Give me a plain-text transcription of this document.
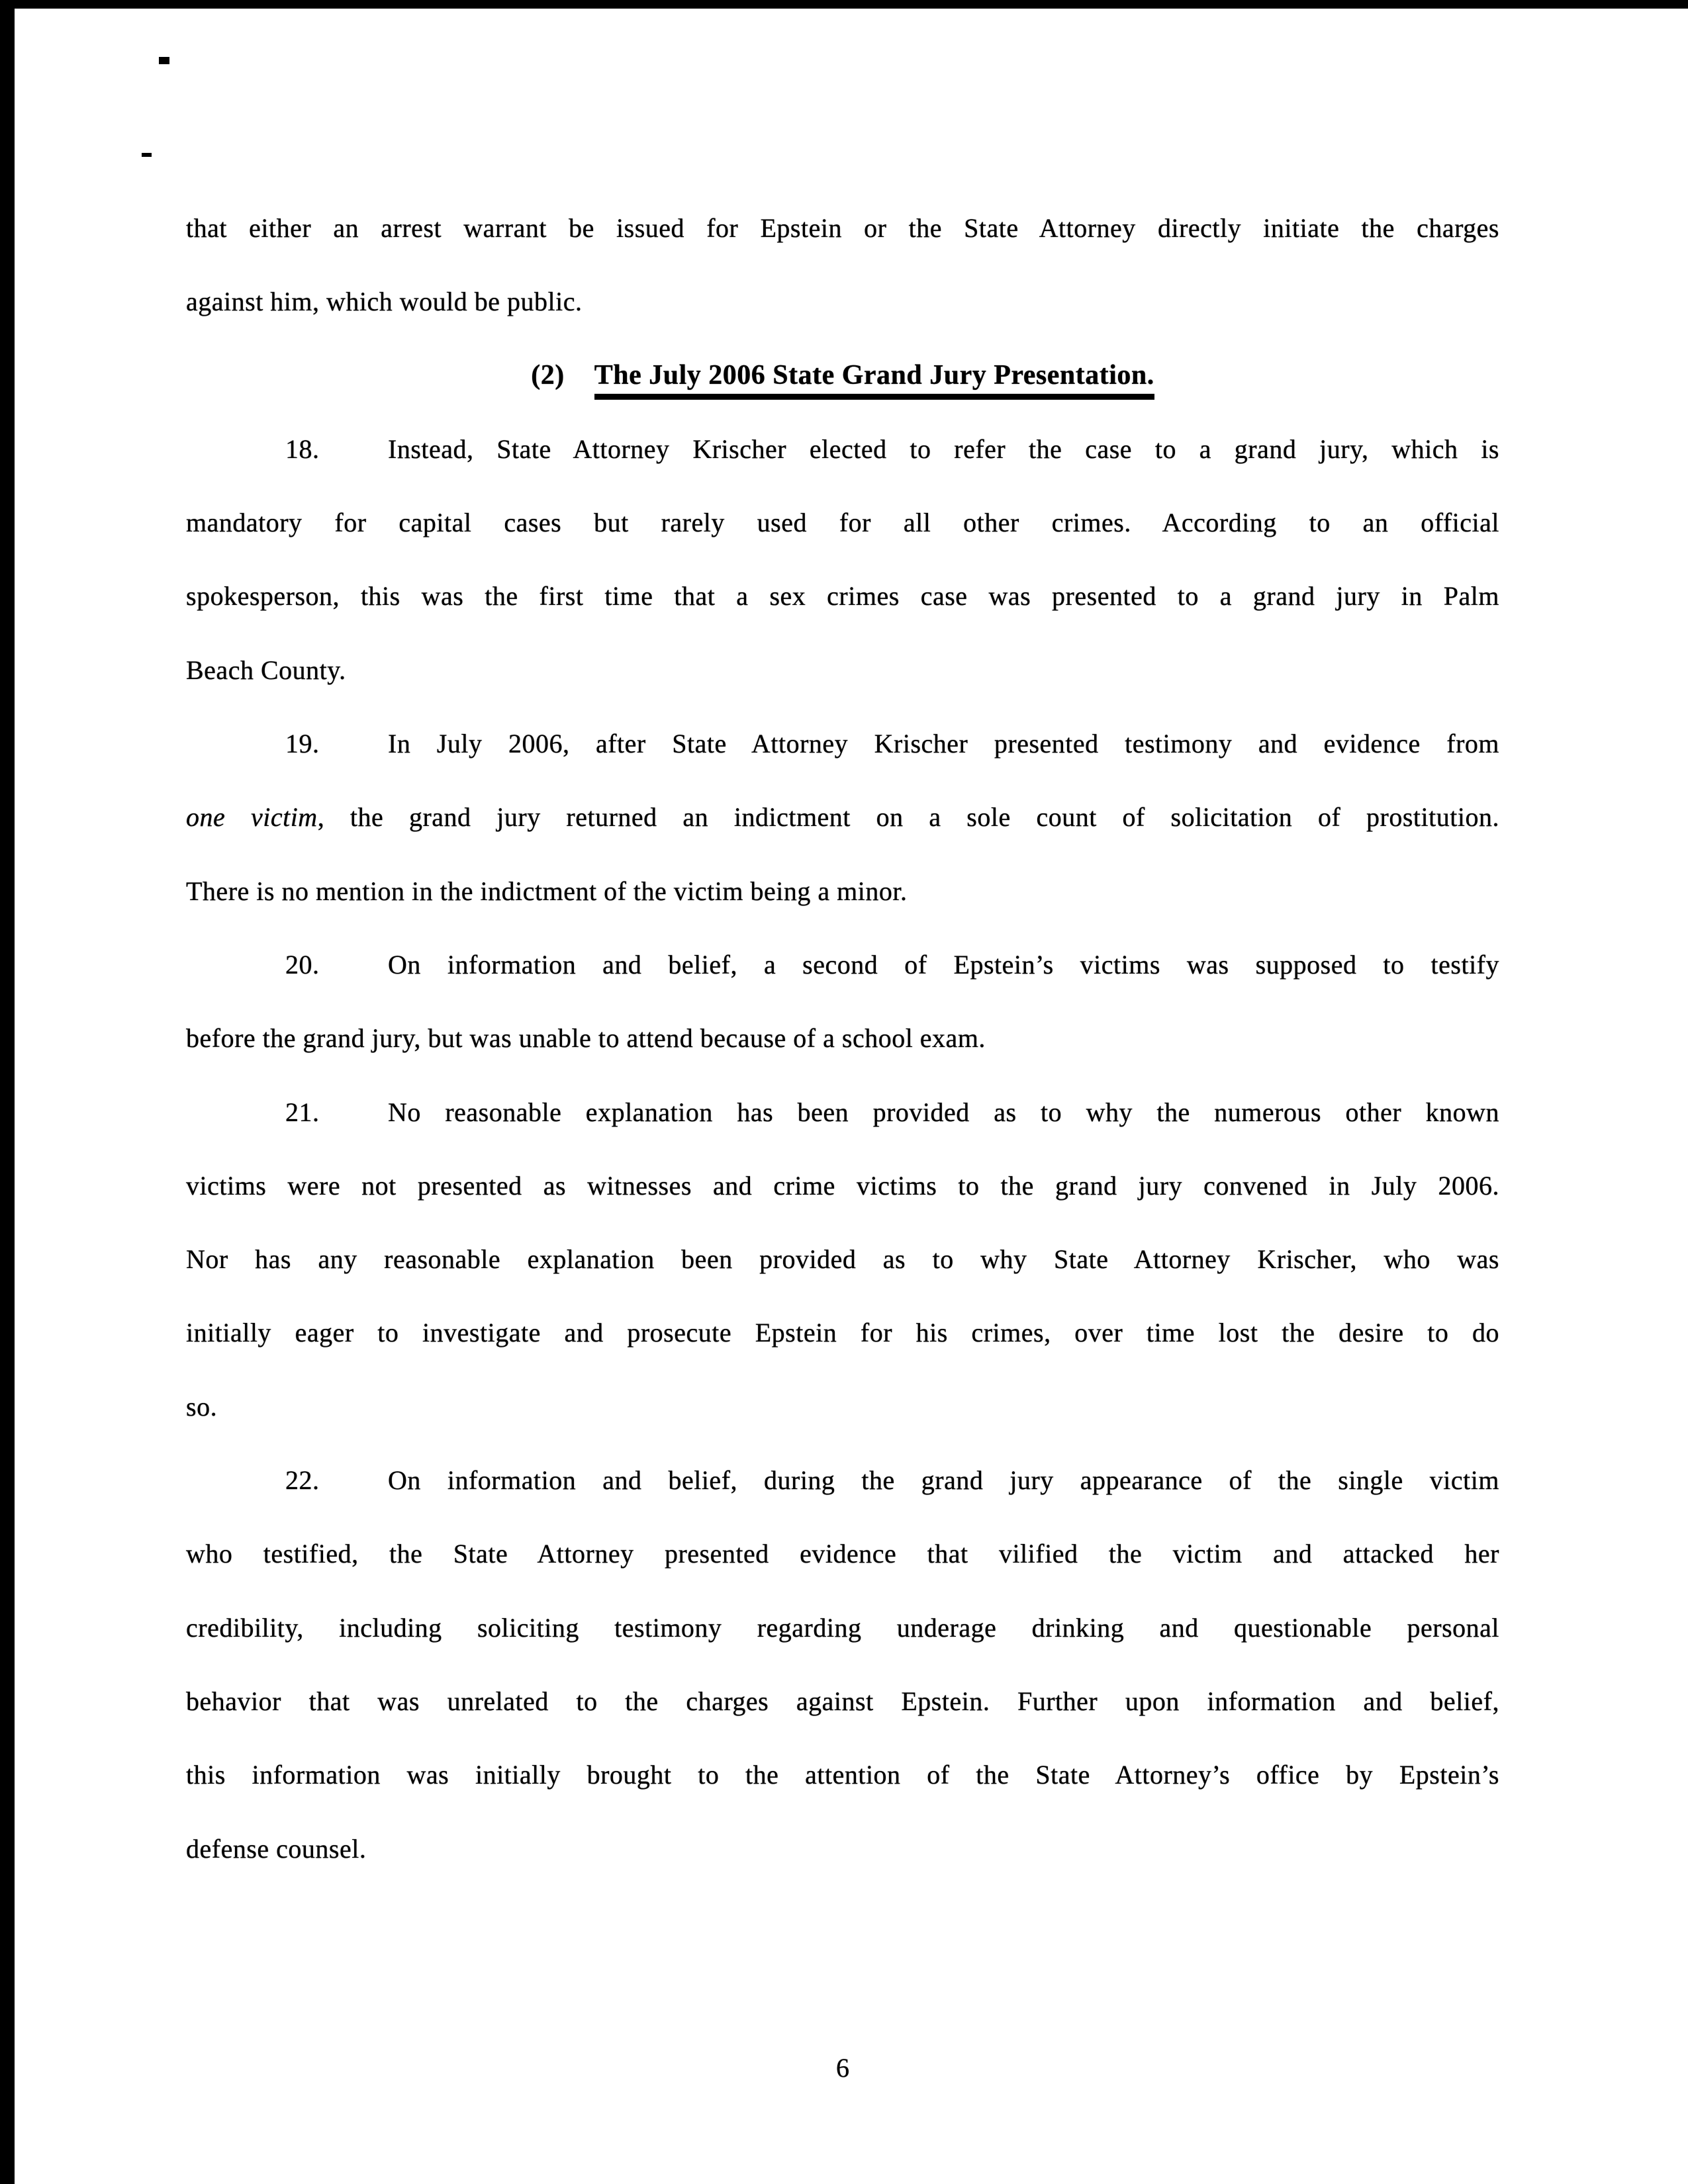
that either an arrest warrant be issued for Epstein or the State Attorney directly initiate the charges
against him, which would be public.
(2) The July 2006 State Grand Jury Presentation.
18.	Instead, State Attorney Krischer elected to refer the case to a grand jury, which is
mandatory for capital cases but rarely used for all other crimes. According to an official
spokesperson, this was the first time that a sex crimes case was presented to a grand jury in Palm
Beach County.
19.	In July 2006, after State Attorney Krischer presented testimony and evidence from
one victim, the grand jury returned an indictment on a sole count of solicitation of prostitution.
There is no mention in the indictment of the victim being a minor.
20.	On information and belief, a second of Epstein’s victims was supposed to testify
before the grand jury, but was unable to attend because of a school exam.
21.	No reasonable explanation has been provided as to why the numerous other known
victims were not presented as witnesses and crime victims to the grand jury convened in July 2006.
Nor has any reasonable explanation been provided as to why State Attorney Krischer, who was
initially eager to investigate and prosecute Epstein for his crimes, over time lost the desire to do
so.
22.	On information and belief, during the grand jury appearance of the single victim
who testified, the State Attorney presented evidence that vilified the victim and attacked her
credibility, including soliciting testimony regarding underage drinking and questionable personal
behavior that was unrelated to the charges against Epstein. Further upon information and belief,
this information was initially brought to the attention of the State Attorney’s office by Epstein’s
defense counsel.
6
